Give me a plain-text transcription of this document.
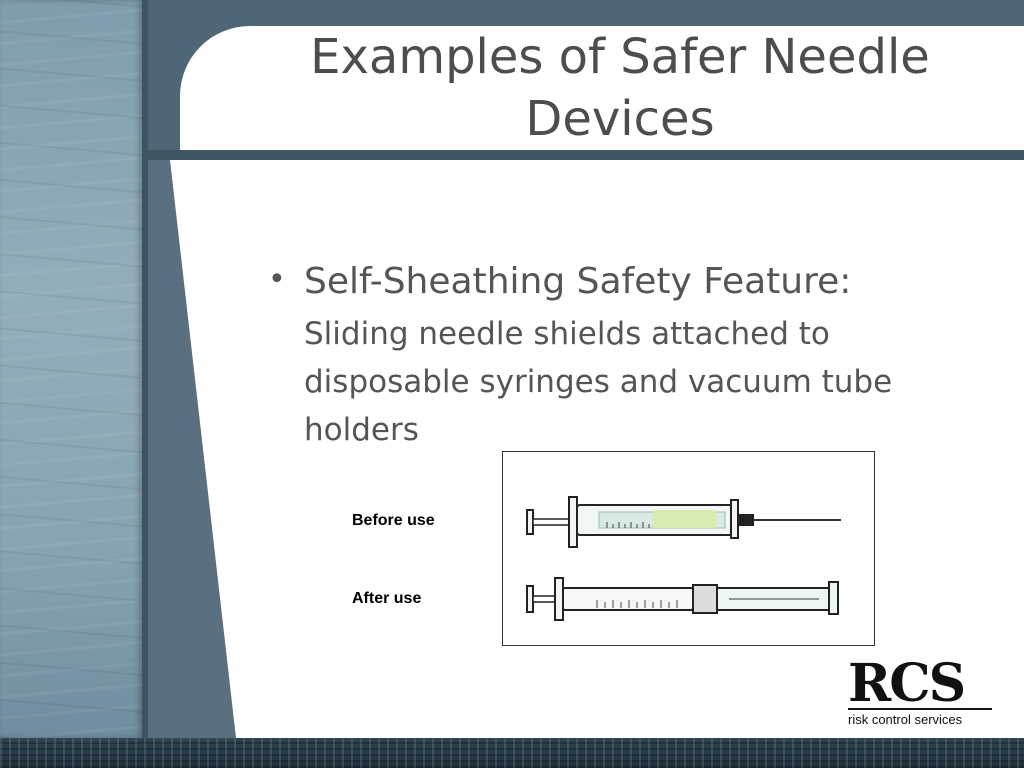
Examples of Safer Needle Devices
• Self-Sheathing Safety Feature:
Sliding needle shields attached to disposable syringes and vacuum tube holders
Before use
After use
RCS
risk control services
